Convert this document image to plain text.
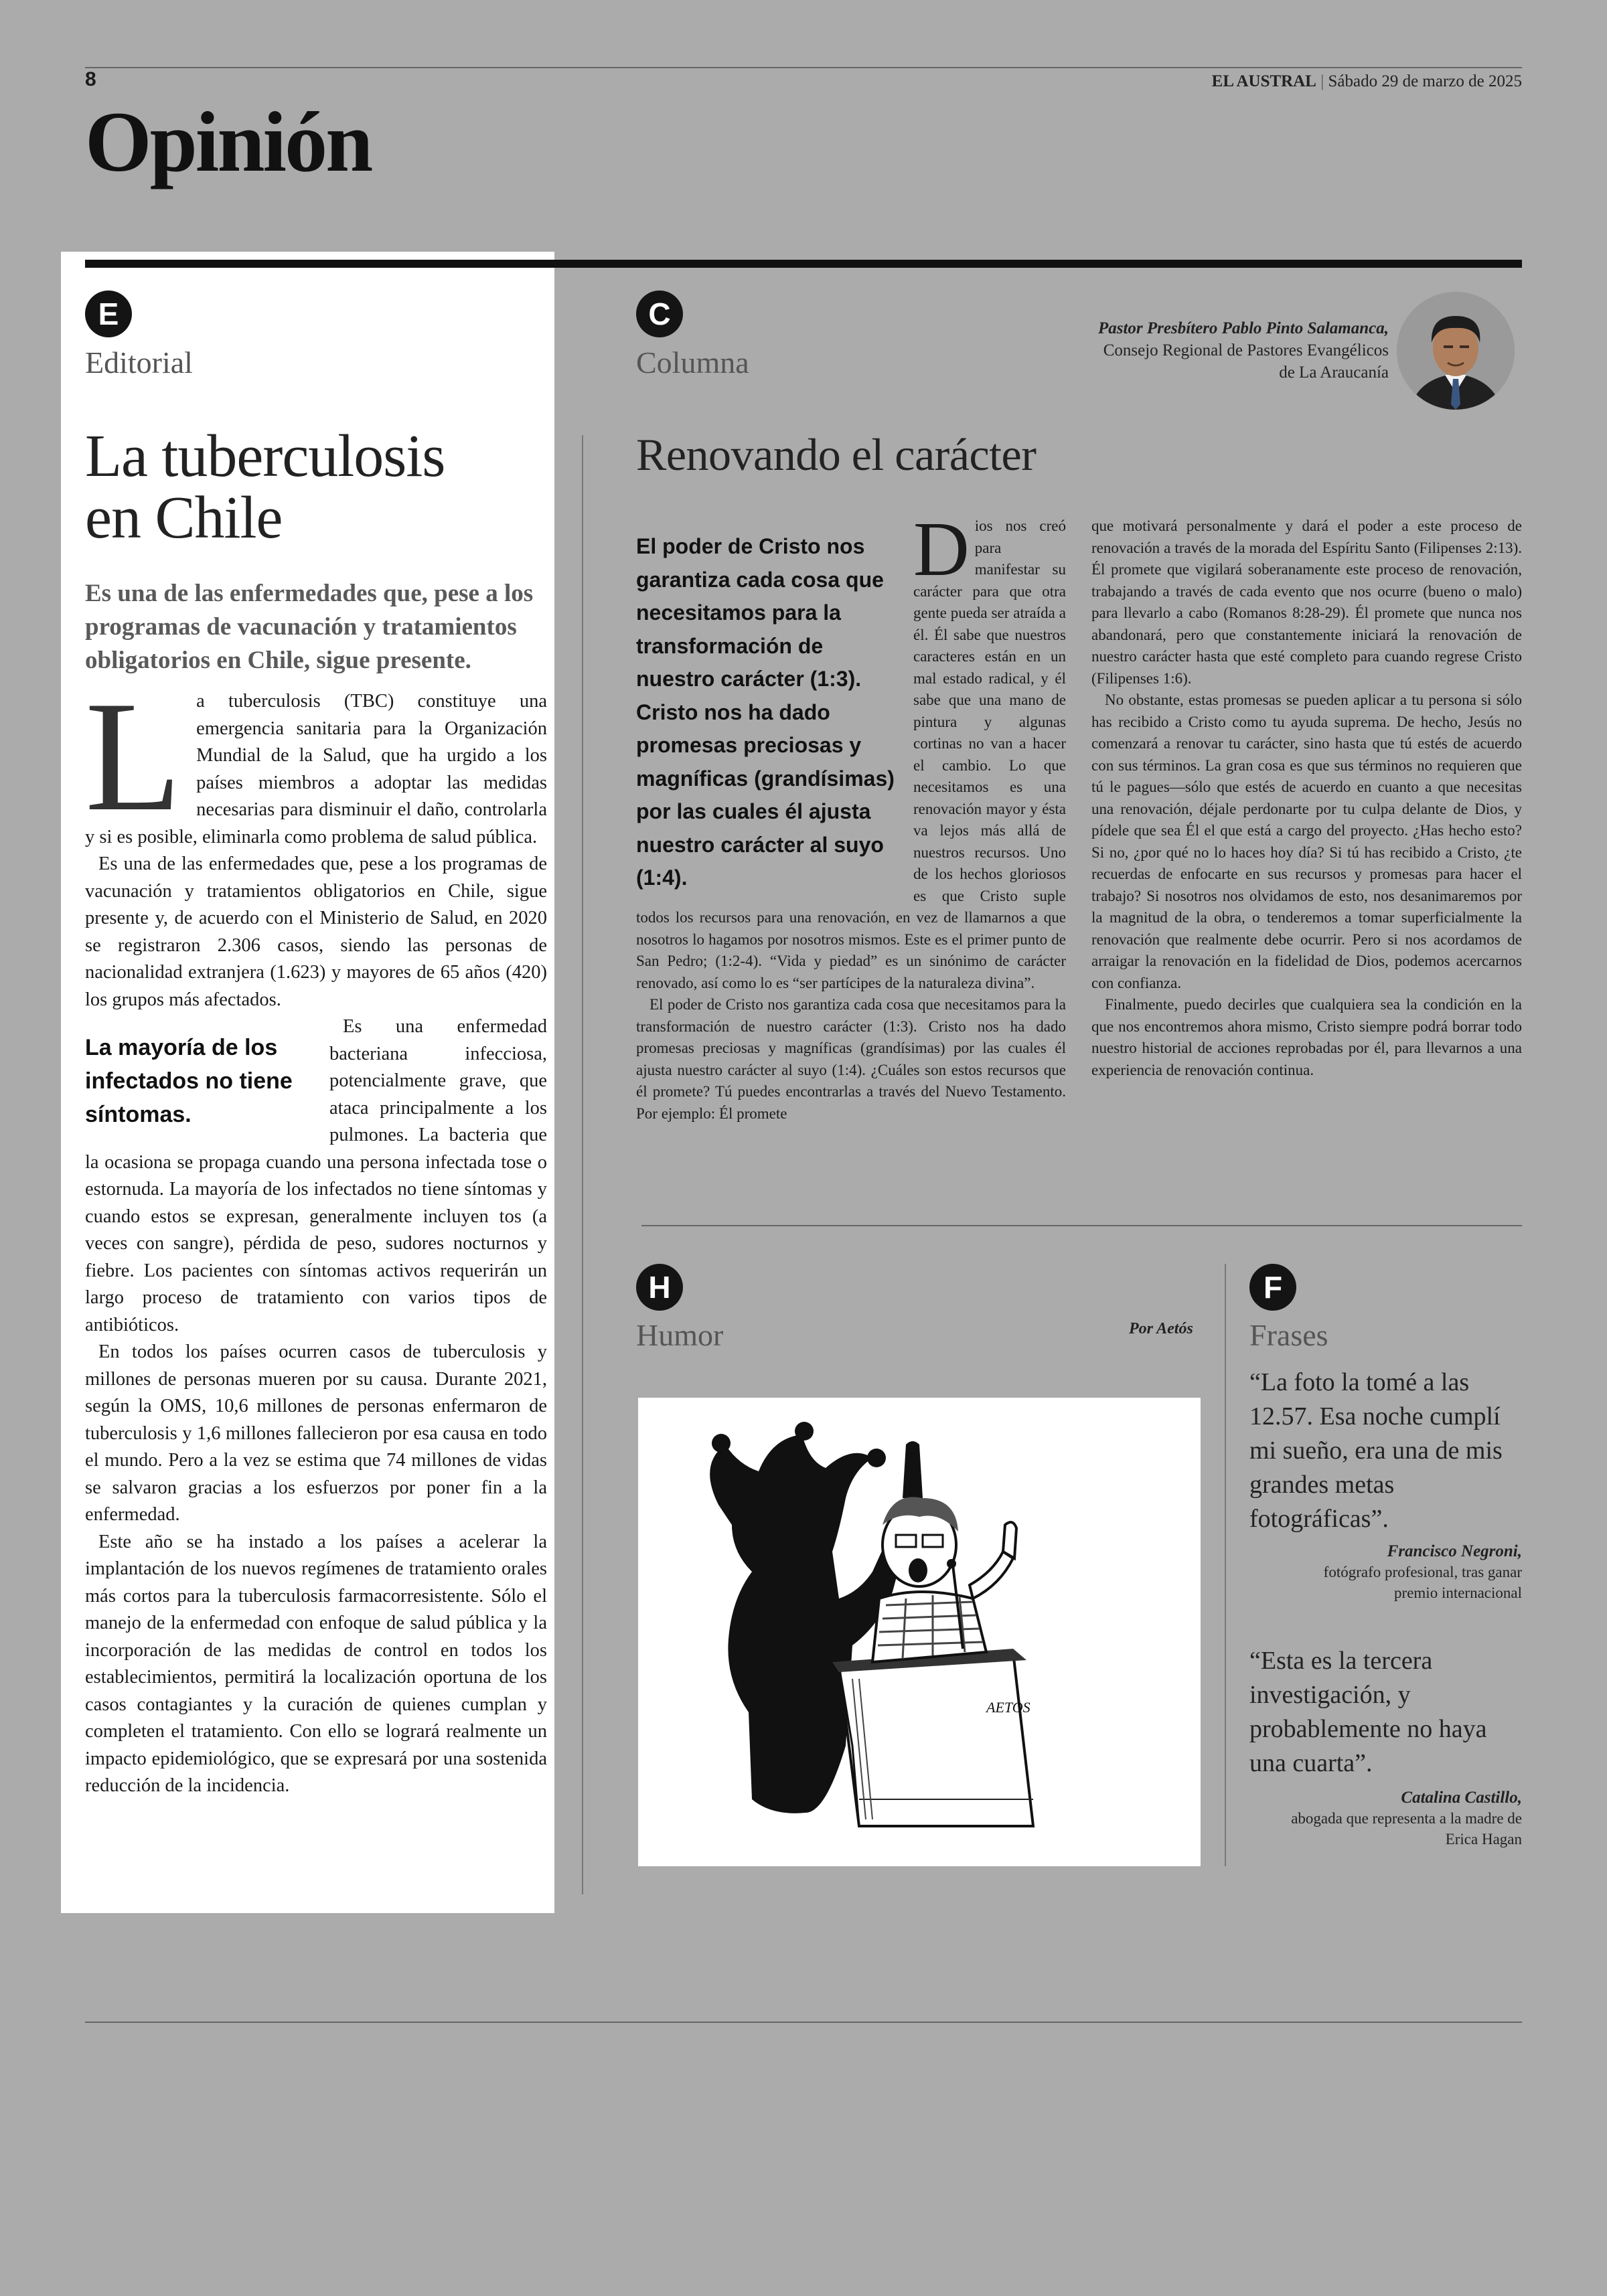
8	EL AUSTRAL | Sábado 29 de marzo de 2025
Opinión
E
Editorial
La tuberculosis
en Chile
Es una de las enfermedades que, pese a los programas de vacunación y tratamientos obligatorios en Chile, sigue presente.

La tuberculosis (TBC) constituye una emergencia sanitaria para la Organización Mundial de la Salud, que ha urgido a los países miembros a adoptar las medidas necesarias para disminuir el daño, controlarla y si es posible, eliminarla como problema de salud pública.

Es una de las enfermedades que, pese a los programas de vacunación y tratamientos obligatorios en Chile, sigue presente y, de acuerdo con el Ministerio de Salud, en 2020 se registraron 2.306 casos, siendo las personas de nacionalidad extranjera (1.623) y mayores de 65 años (420) los grupos más afectados.

La mayoría de los infectados no tiene síntomas.
Es una enfermedad bacteriana infecciosa, potencialmente grave, que ataca principalmente a los pulmones. La bacteria que la ocasiona se propaga cuando una persona infectada tose o estornuda. La mayoría de los infectados no tiene síntomas y cuando estos se expresan, generalmente incluyen tos (a veces con sangre), pérdida de peso, sudores nocturnos y fiebre. Los pacientes con síntomas activos requerirán un largo proceso de tratamiento con varios tipos de antibióticos.

En todos los países ocurren casos de tuberculosis y millones de personas mueren por su causa. Durante 2021, según la OMS, 10,6 millones de personas enfermaron de tuberculosis y 1,6 millones fallecieron por esa causa en todo el mundo. Pero a la vez se estima que 74 millones de vidas se salvaron gracias a los esfuerzos por poner fin a la enfermedad.

Este año se ha instado a los países a acelerar la implantación de los nuevos regímenes de tratamiento orales más cortos para la tuberculosis farmacorresistente. Sólo el manejo de la enfermedad con enfoque de salud pública y la incorporación de las medidas de control en todos los establecimientos, permitirá la localización oportuna de los casos contagiantes y la curación de quienes cumplan y completen el tratamiento. Con ello se logrará realmente un impacto epidemiológico, que se expresará por una sostenida reducción de la incidencia.

C
Columna
Pastor Presbítero Pablo Pinto Salamanca,
Consejo Regional de Pastores Evangélicos
de La Araucanía
Renovando el carácter
El poder de Cristo nos garantiza cada cosa que necesitamos para la transformación de nuestro carácter (1:3). Cristo nos ha dado promesas preciosas y magníficas (grandísimas) por las cuales él ajusta nuestro carácter al suyo (1:4).

Dios nos creó para manifestar su carácter para que otra gente pueda ser atraída a él. Él sabe que nuestros caracteres están en un mal estado radical, y él sabe que una mano de pintura y algunas cortinas no van a hacer el cambio. Lo que necesitamos es una renovación mayor y ésta va lejos más allá de nuestros recursos. Uno de los hechos gloriosos es que Cristo suple todos los recursos para una renovación, en vez de llamarnos a que nosotros lo hagamos por nosotros mismos. Este es el primer punto de San Pedro; (1:2-4). “Vida y piedad” es un sinónimo de carácter renovado, así como lo es “ser partícipes de la naturaleza divina”.

El poder de Cristo nos garantiza cada cosa que necesitamos para la transformación de nuestro carácter (1:3). Cristo nos ha dado promesas preciosas y magníficas (grandísimas) por las cuales él ajusta nuestro carácter al suyo (1:4). ¿Cuáles son estos recursos que él promete? Tú puedes encontrarlas a través del Nuevo Testamento. Por ejemplo: Él promete

que motivará personalmente y dará el poder a este proceso de renovación a través de la morada del Espíritu Santo (Filipenses 2:13). Él promete que vigilará soberanamente este proceso de renovación, trabajando a través de cada evento que nos ocurre (bueno o malo) para llevarlo a cabo (Romanos 8:28-29). Él promete que nunca nos abandonará, pero que constantemente iniciará la renovación de nuestro carácter hasta que esté completo para cuando regrese Cristo (Filipenses 1:6).

No obstante, estas promesas se pueden aplicar a tu persona si sólo has recibido a Cristo como tu ayuda suprema. De hecho, Jesús no comenzará a renovar tu carácter, sino hasta que tú estés de acuerdo con sus términos. La gran cosa es que sus términos no requieren que tú le pagues—sólo que estés de acuerdo en cuanto a que necesitas una renovación, déjale perdonarte por tu culpa delante de Dios, y pídele que sea Él el que está a cargo del proyecto. ¿Has hecho esto? Si no, ¿por qué no lo haces hoy día? Si tú has recibido a Cristo, ¿te recuerdas de enfocarte en sus recursos y promesas para hacer el trabajo? Si nosotros nos olvidamos de esto, nos desanimaremos por la magnitud de la obra, o tenderemos a tomar superficialmente la renovación que realmente debe ocurrir. Pero si nos acordamos de arraigar la renovación en la fidelidad de Dios, podemos acercarnos con confianza.

Finalmente, puedo decirles que cualquiera sea la condición en la que nos encontremos ahora mismo, Cristo siempre podrá borrar todo nuestro historial de acciones reprobadas por él, para llevarnos a una experiencia de renovación continua.

H
Humor	Por Aetós
AETOS
F
Frases
“La foto la tomé a las 12.57. Esa noche cumplí mi sueño, era una de mis grandes metas fotográficas”.
Francisco Negroni,
fotógrafo profesional, tras ganar
premio internacional
“Esta es la tercera investigación, y probablemente no haya una cuarta”.
Catalina Castillo,
abogada que representa a la madre de
Erica Hagan
